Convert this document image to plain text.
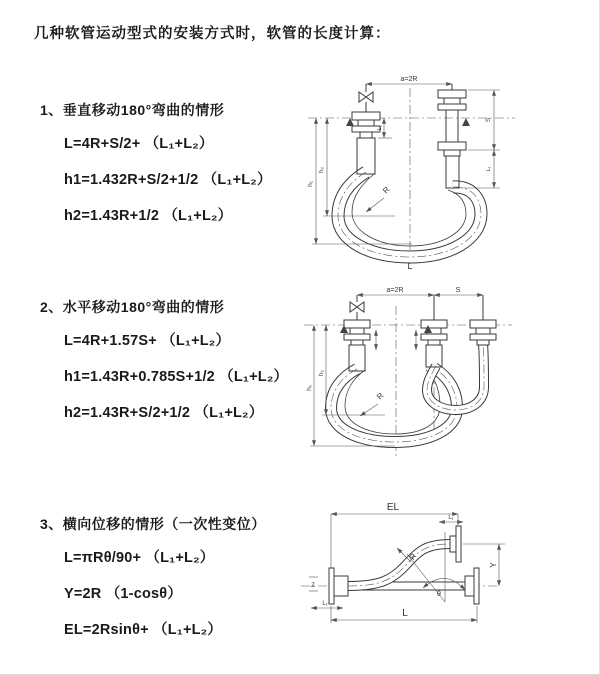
几种软管运动型式的安装方式时，软管的长度计算：
1、垂直移动180°弯曲的情形
L=4R+S/2+ （L₁+L₂）
h1=1.432R+S/2+1/2 （L₁+L₂）
h2=1.43R+1/2 （L₁+L₂）
2、水平移动180°弯曲的情形
L=4R+1.57S+ （L₁+L₂）
h1=1.43R+0.785S+1/2 （L₁+L₂）
h2=1.43R+S/2+1/2 （L₁+L₂）
3、横向位移的情形（一次性变位）
L=πRθ/90+ （L₁+L₂）
Y=2R （1-cosθ）
EL=2Rsinθ+ （L₁+L₂）
a=2R
h₁
h₂
L₁
S
L₁
R
L
a=2R	S
h₁
h₂
R
θ
R
EL
L₁
Y
L
L₁
Z
